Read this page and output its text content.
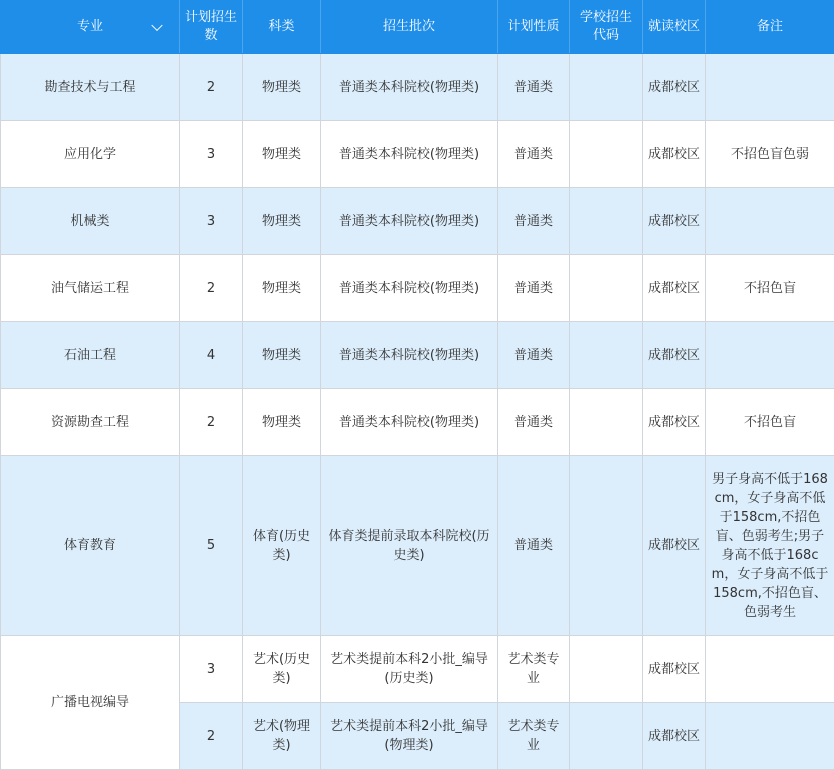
专业	计划招生数	科类	招生批次	计划性质	学校招生代码	就读校区	备注
勘查技术与工程	2	物理类	普通类本科院校(物理类)	普通类		成都校区	
应用化学	3	物理类	普通类本科院校(物理类)	普通类		成都校区	不招色盲色弱
机械类	3	物理类	普通类本科院校(物理类)	普通类		成都校区	
油气储运工程	2	物理类	普通类本科院校(物理类)	普通类		成都校区	不招色盲
石油工程	4	物理类	普通类本科院校(物理类)	普通类		成都校区	
资源勘查工程	2	物理类	普通类本科院校(物理类)	普通类		成都校区	不招色盲
体育教育	5	体育(历史类)	体育类提前录取本科院校(历史类)	普通类		成都校区	男子身高不低于168cm，女子身高不低于158cm,不招色盲、色弱考生;男子身高不低于168cm，女子身高不低于158cm,不招色盲、色弱考生
广播电视编导	3	艺术(历史类)	艺术类提前本科2小批_编导(历史类)	艺术类专业		成都校区	
	2	艺术(物理类)	艺术类提前本科2小批_编导(物理类)	艺术类专业		成都校区	
